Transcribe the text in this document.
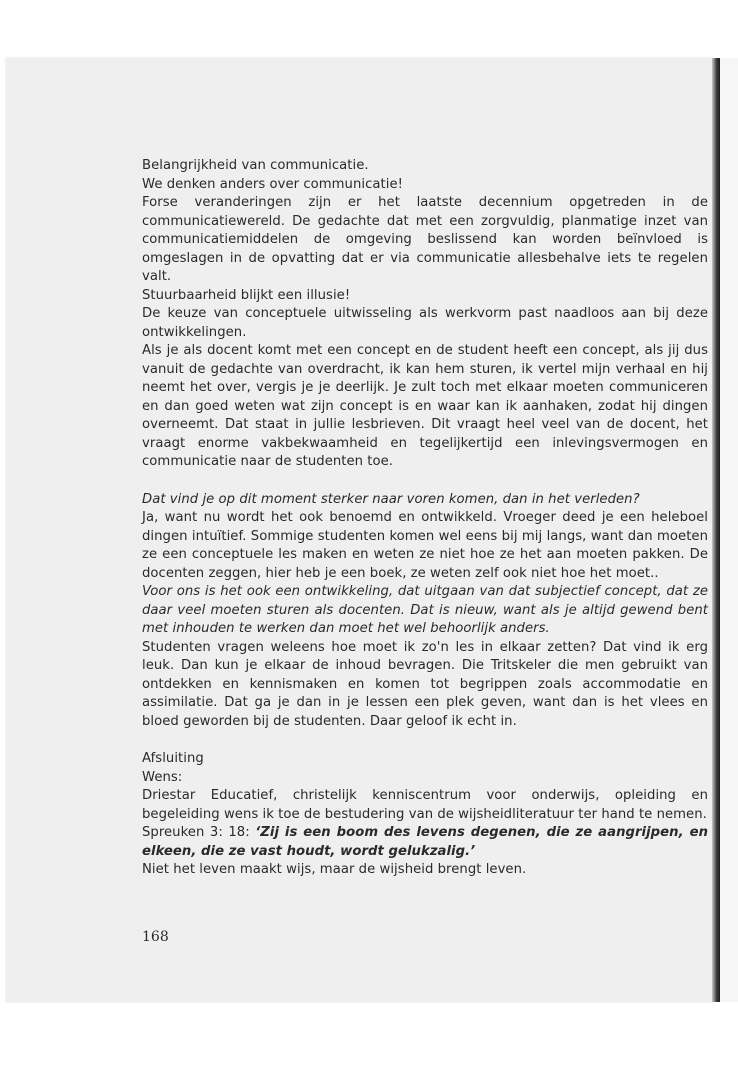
Belangrijkheid van communicatie.

We denken anders over communicatie!

Forse veranderingen zijn er het laatste decennium opgetreden in de communicatiewereld. De gedachte dat met een zorgvuldig, planmatige inzet van communicatiemiddelen de omgeving beslissend kan worden beïnvloed is omgeslagen in de opvatting dat er via communicatie allesbehalve iets te regelen valt.

Stuurbaarheid blijkt een illusie!

De keuze van conceptuele uitwisseling als werkvorm past naadloos aan bij deze ontwikkelingen.

Als je als docent komt met een concept en de student heeft een concept, als jij dus vanuit de gedachte van overdracht, ik kan hem sturen, ik vertel mijn verhaal en hij neemt het over, vergis je je deerlijk. Je zult toch met elkaar moeten communiceren en dan goed weten wat zijn concept is en waar kan ik aanhaken, zodat hij dingen overneemt. Dat staat in jullie lesbrieven. Dit vraagt heel veel van de docent, het vraagt enorme vakbekwaamheid en tegelijkertijd een inlevingsvermogen en communicatie naar de studenten toe.

Dat vind je op dit moment sterker naar voren komen, dan in het verleden?

Ja, want nu wordt het ook benoemd en ontwikkeld. Vroeger deed je een heleboel dingen intuïtief. Sommige studenten komen wel eens bij mij langs, want dan moeten ze een conceptuele les maken en weten ze niet hoe ze het aan moeten pakken. De docenten zeggen, hier heb je een boek, ze weten zelf ook niet hoe het moet..

Voor ons is het ook een ontwikkeling, dat uitgaan van dat subjectief concept, dat ze daar veel moeten sturen als docenten. Dat is nieuw, want als je altijd gewend bent met inhouden te werken dan moet het wel behoorlijk anders.

Studenten vragen weleens hoe moet ik zo'n les in elkaar zetten? Dat vind ik erg leuk. Dan kun je elkaar de inhoud bevragen. Die Tritskeler die men gebruikt van ontdekken en kennismaken en komen tot begrippen zoals accommodatie en assimilatie. Dat ga je dan in je lessen een plek geven, want dan is het vlees en bloed geworden bij de studenten. Daar geloof ik echt in.

Afsluiting

Wens:

Driestar Educatief, christelijk kenniscentrum voor onderwijs, opleiding en begeleiding wens ik toe de bestudering van de wijsheidliteratuur ter hand te nemen.

Spreuken 3: 18: ‘Zij is een boom des levens degenen, die ze aangrijpen, en elkeen, die ze vast houdt, wordt gelukzalig.’

Niet het leven maakt wijs, maar de wijsheid brengt leven.

168
